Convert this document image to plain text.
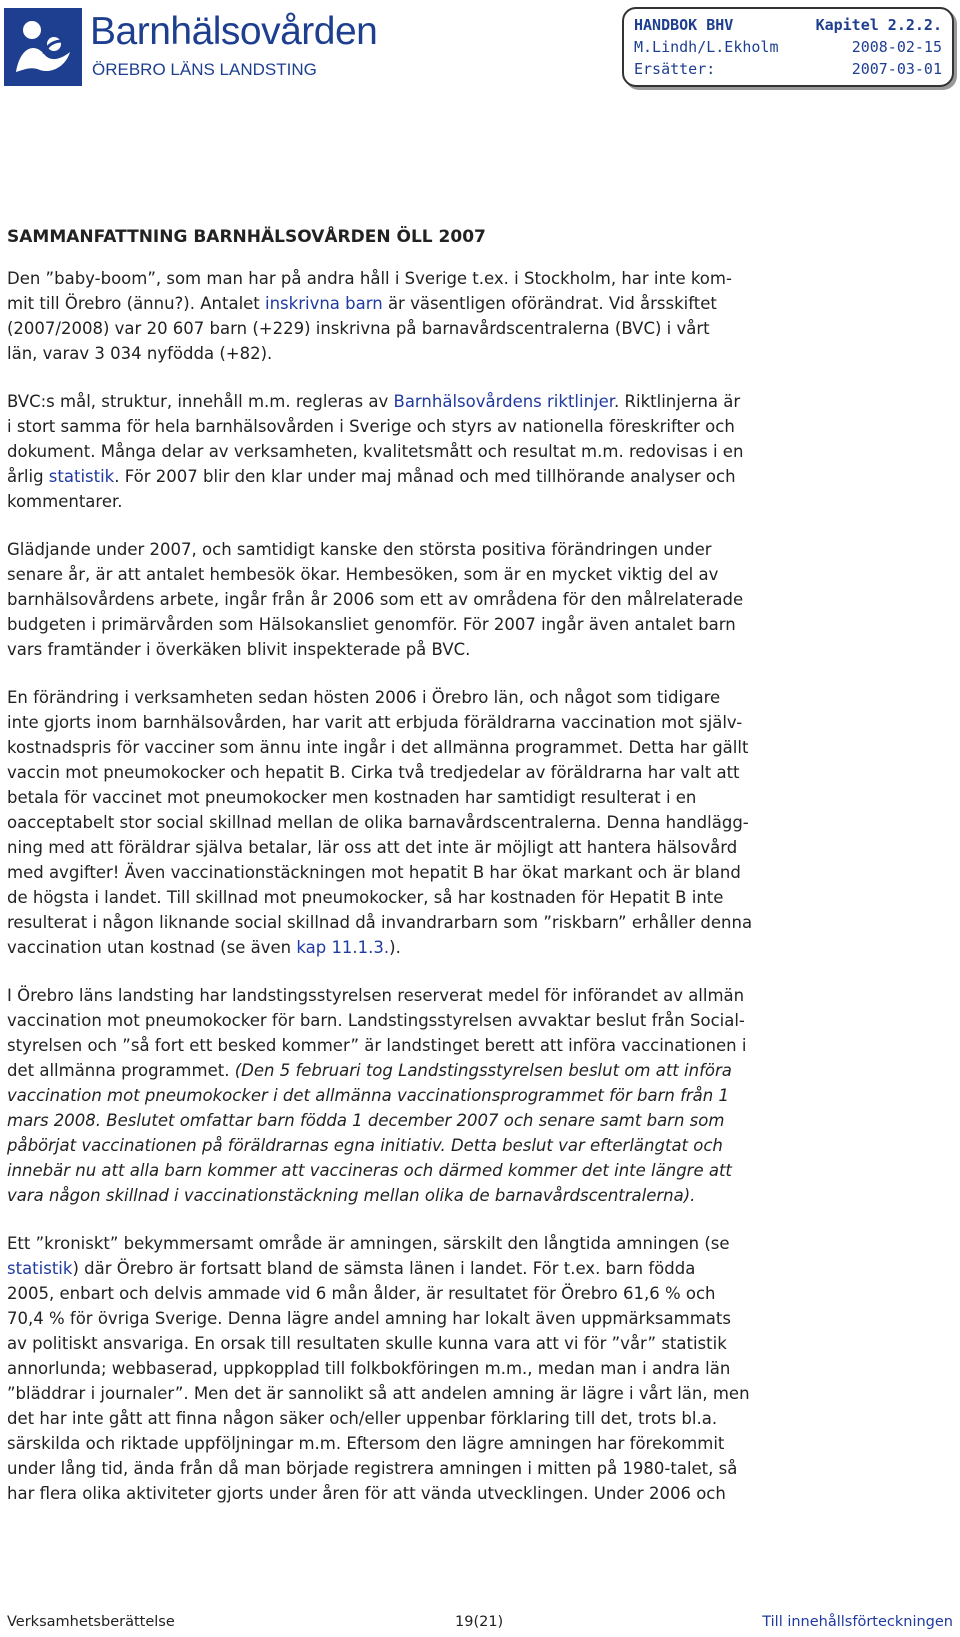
Barnhälsovården
ÖREBRO LÄNS LANDSTING
HANDBOK BHV	Kapitel 2.2.2.
M.Lindh/L.Ekholm	2008-02-15
Ersätter:	2007-03-01
SAMMANFATTNING BARNHÄLSOVÅRDEN ÖLL 2007
Den ”baby-boom”, som man har på andra håll i Sverige t.ex. i Stockholm, har inte kom-
mit till Örebro (ännu?). Antalet inskrivna barn är väsentligen oförändrat. Vid årsskiftet
(2007/2008) var 20 607 barn (+229) inskrivna på barnavårdscentralerna (BVC) i vårt
län, varav 3 034 nyfödda (+82).
BVC:s mål, struktur, innehåll m.m. regleras av Barnhälsovårdens riktlinjer. Riktlinjerna är
i stort samma för hela barnhälsovården i Sverige och styrs av nationella föreskrifter och
dokument. Många delar av verksamheten, kvalitetsmått och resultat m.m. redovisas i en
årlig statistik. För 2007 blir den klar under maj månad och med tillhörande analyser och
kommentarer.
Glädjande under 2007, och samtidigt kanske den största positiva förändringen under
senare år, är att antalet hembesök ökar. Hembesöken, som är en mycket viktig del av
barnhälsovårdens arbete, ingår från år 2006 som ett av områdena för den målrelaterade
budgeten i primärvården som Hälsokansliet genomför. För 2007 ingår även antalet barn
vars framtänder i överkäken blivit inspekterade på BVC.
En förändring i verksamheten sedan hösten 2006 i Örebro län, och något som tidigare
inte gjorts inom barnhälsovården, har varit att erbjuda föräldrarna vaccination mot själv-
kostnadspris för vacciner som ännu inte ingår i det allmänna programmet. Detta har gällt
vaccin mot pneumokocker och hepatit B. Cirka två tredjedelar av föräldrarna har valt att
betala för vaccinet mot pneumokocker men kostnaden har samtidigt resulterat i en
oacceptabelt stor social skillnad mellan de olika barnavårdscentralerna. Denna handlägg-
ning med att föräldrar själva betalar, lär oss att det inte är möjligt att hantera hälsovård
med avgifter! Även vaccinationstäckningen mot hepatit B har ökat markant och är bland
de högsta i landet. Till skillnad mot pneumokocker, så har kostnaden för Hepatit B inte
resulterat i någon liknande social skillnad då invandrarbarn som ”riskbarn” erhåller denna
vaccination utan kostnad (se även kap 11.1.3.).
I Örebro läns landsting har landstingsstyrelsen reserverat medel för införandet av allmän
vaccination mot pneumokocker för barn. Landstingsstyrelsen avvaktar beslut från Social-
styrelsen och ”så fort ett besked kommer” är landstinget berett att införa vaccinationen i
det allmänna programmet. (Den 5 februari tog Landstingsstyrelsen beslut om att införa
vaccination mot pneumokocker i det allmänna vaccinationsprogrammet för barn från 1
mars 2008. Beslutet omfattar barn födda 1 december 2007 och senare samt barn som
påbörjat vaccinationen på föräldrarnas egna initiativ. Detta beslut var efterlängtat och
innebär nu att alla barn kommer att vaccineras och därmed kommer det inte längre att
vara någon skillnad i vaccinationstäckning mellan olika de barnavårdscentralerna).
Ett ”kroniskt” bekymmersamt område är amningen, särskilt den långtida amningen (se
statistik) där Örebro är fortsatt bland de sämsta länen i landet. För t.ex. barn födda
2005, enbart och delvis ammade vid 6 mån ålder, är resultatet för Örebro 61,6 % och
70,4 % för övriga Sverige. Denna lägre andel amning har lokalt även uppmärksammats
av politiskt ansvariga. En orsak till resultaten skulle kunna vara att vi för ”vår” statistik
annorlunda; webbaserad, uppkopplad till folkbokföringen m.m., medan man i andra län
”bläddrar i journaler”. Men det är sannolikt så att andelen amning är lägre i vårt län, men
det har inte gått att finna någon säker och/eller uppenbar förklaring till det, trots bl.a.
särskilda och riktade uppföljningar m.m. Eftersom den lägre amningen har förekommit
under lång tid, ända från då man började registrera amningen i mitten på 1980-talet, så
har flera olika aktiviteter gjorts under åren för att vända utvecklingen. Under 2006 och
Verksamhetsberättelse	19(21)	Till innehållsförteckningen
